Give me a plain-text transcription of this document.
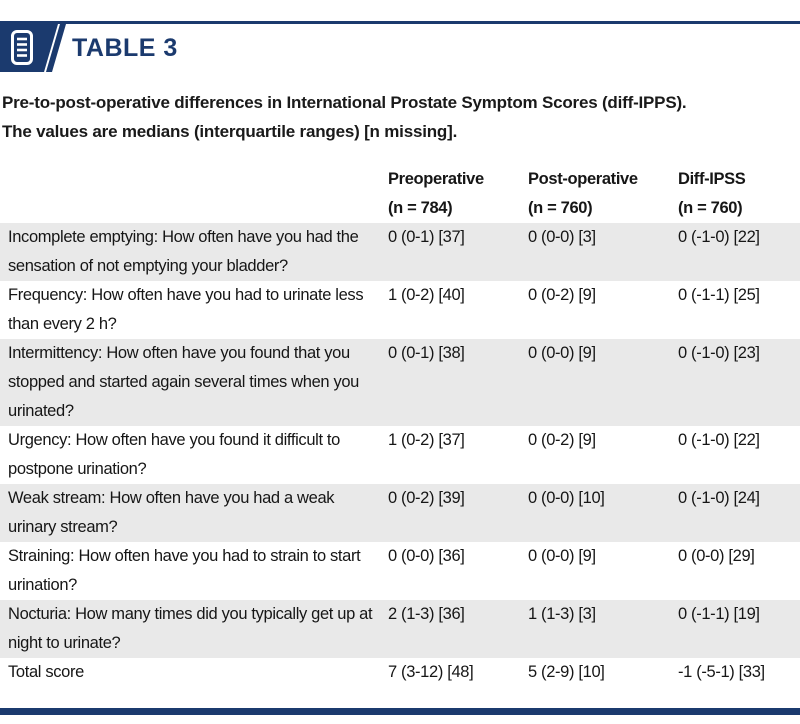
TABLE 3
Pre-to-post-operative differences in International Prostate Symptom Scores (diff-IPPS).
The values are medians (interquartile ranges) [n missing].

Preoperative
(n = 784)

Post-operative
(n = 760)

Diff-IPSS
(n = 760)

Incomplete emptying: How often have you had the sensation of not emptying your bladder?	0 (0-1) [37]	0 (0-0) [3]	0 (-1-0) [22]
Frequency: How often have you had to urinate less than every 2 h?	1 (0-2) [40]	0 (0-2) [9]	0 (-1-1) [25]
Intermittency: How often have you found that you stopped and started again several times when you urinated?	0 (0-1) [38]	0 (0-0) [9]	0 (-1-0) [23]
Urgency: How often have you found it difficult to postpone urination?	1 (0-2) [37]	0 (0-2) [9]	0 (-1-0) [22]
Weak stream: How often have you had a weak urinary stream?	0 (0-2) [39]	0 (0-0) [10]	0 (-1-0) [24]
Straining: How often have you had to strain to start urination?	0 (0-0) [36]	0 (0-0) [9]	0 (0-0) [29]
Nocturia: How many times did you typically get up at night to urinate?	2 (1-3) [36]	1 (1-3) [3]	0 (-1-1) [19]
Total score	7 (3-12) [48]	5 (2-9) [10]	-1 (-5-1) [33]
